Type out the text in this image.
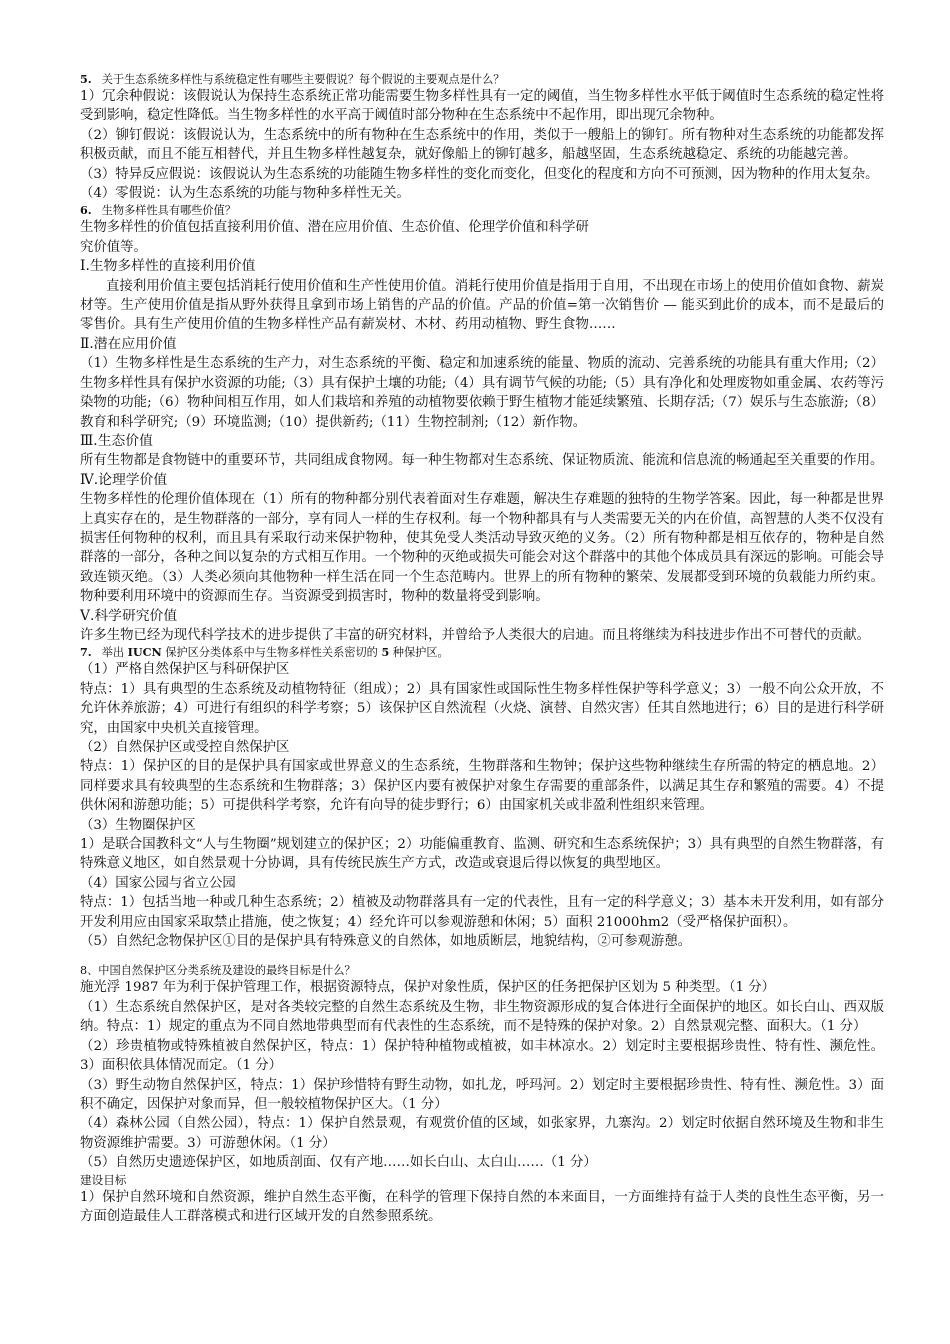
5. 关于生态系统多样性与系统稳定性有哪些主要假说？每个假说的主要观点是什么？

1）冗余种假说：该假说认为保持生态系统正常功能需要生物多样性具有一定的阈值，当生物多样性水平低于阈值时生态系统的稳定性将受到影响，稳定性降低。当生物多样性的水平高于阈值时部分物种在生态系统中不起作用，即出现冗余物种。

（2）铆钉假说：该假说认为，生态系统中的所有物种在生态系统中的作用，类似于一艘船上的铆钉。所有物种对生态系统的功能都发挥积极贡献，而且不能互相替代，并且生物多样性越复杂，就好像船上的铆钉越多，船越坚固，生态系统越稳定、系统的功能越完善。

（3）特异反应假说：该假说认为生态系统的功能随生物多样性的变化而变化，但变化的程度和方向不可预测，因为物种的作用太复杂。

（4）零假说：认为生态系统的功能与物种多样性无关。

6. 生物多样性具有哪些价值？

生物多样性的价值包括直接利用价值、潜在应用价值、生态价值、伦理学价值和科学研

究价值等。

Ⅰ.生物多样性的直接利用价值

直接利用价值主要包括消耗行使用价值和生产性使用价值。消耗行使用价值是指用于自用，不出现在市场上的使用价值如食物、薪炭材等。生产使用价值是指从野外获得且拿到市场上销售的产品的价值。产品的价值=第一次销售价 — 能买到此价的成本，而不是最后的零售价。具有生产使用价值的生物多样性产品有薪炭材、木材、药用动植物、野生食物……

Ⅱ.潜在应用价值

（1）生物多样性是生态系统的生产力，对生态系统的平衡、稳定和加速系统的能量、物质的流动、完善系统的功能具有重大作用;（2）生物多样性具有保护水资源的功能;（3）具有保护土壤的功能;（4）具有调节气候的功能;（5）具有净化和处理废物如重金属、农药等污染物的功能;（6）物种间相互作用，如人们栽培和养殖的动植物要依赖于野生植物才能延续繁殖、长期存活;（7）娱乐与生态旅游;（8）教育和科学研究;（9）环境监测;（10）提供新药;（11）生物控制剂;（12）新作物。

Ⅲ.生态价值

所有生物都是食物链中的重要环节，共同组成食物网。每一种生物都对生态系统、保证物质流、能流和信息流的畅通起至关重要的作用。

Ⅳ.论理学价值

生物多样性的伦理价值体现在（1）所有的物种都分别代表着面对生存难题，解决生存难题的独特的生物学答案。因此，每一种都是世界上真实存在的，是生物群落的一部分，享有同人一样的生存权利。每一个物种都具有与人类需要无关的内在价值，高智慧的人类不仅没有损害任何物种的权利，而且具有采取行动来保护物种，使其免受人类活动导致灭绝的义务。（2）所有物种都是相互依存的，物种是自然群落的一部分，各种之间以复杂的方式相互作用。一个物种的灭绝或损失可能会对这个群落中的其他个体成员具有深远的影响。可能会导致连锁灭绝。（3）人类必须向其他物种一样生活在同一个生态范畴内。世界上的所有物种的繁荣、发展都受到环境的负载能力所约束。物种要利用环境中的资源而生存。当资源受到损害时，物种的数量将受到影响。

Ⅴ.科学研究价值

许多生物已经为现代科学技术的进步提供了丰富的研究材料，并曾给予人类很大的启迪。而且将继续为科技进步作出不可替代的贡献。

7. 举出 IUCN 保护区分类体系中与生物多样性关系密切的 5 种保护区。

（1）严格自然保护区与科研保护区

特点：1）具有典型的生态系统及动植物特征（组成）；2）具有国家性或国际性生物多样性保护等科学意义；3）一般不向公众开放，不允许休养旅游；4）可进行有组织的科学考察；5）该保护区自然流程（火烧、演替、自然灾害）任其自然地进行；6）目的是进行科学研究，由国家中央机关直接管理。

（2）自然保护区或受控自然保护区

特点：1）保护区的目的是保护具有国家或世界意义的生态系统，生物群落和生物钟；保护这些物种继续生存所需的特定的栖息地。2）同样要求具有较典型的生态系统和生物群落；3）保护区内要有被保护对象生存需要的重部条件，以满足其生存和繁殖的需要。4）不提供休闲和游憩功能；5）可提供科学考察，允许有向导的徒步野行；6）由国家机关或非盈利性组织来管理。

（3）生物圈保护区

1）是联合国教科文“人与生物圈”规划建立的保护区；2）功能偏重教育、监测、研究和生态系统保护；3）具有典型的自然生物群落，有特殊意义地区，如自然景观十分协调，具有传统民族生产方式，改造或衰退后得以恢复的典型地区。

（4）国家公园与省立公园

特点：1）包括当地一种或几种生态系统；2）植被及动物群落具有一定的代表性，且有一定的科学意义；3）基本未开发利用，如有部分开发利用应由国家采取禁止措施，使之恢复；4）经允许可以参观游憩和休闲；5）面积 21000hm2（受严格保护面积）。

（5）自然纪念物保护区①目的是保护具有特殊意义的自然体，如地质断层，地貌结构，②可参观游憩。

8、中国自然保护区分类系统及建设的最终目标是什么？

施光浮 1987 年为利于保护管理工作，根据资源特点，保护对象性质，保护区的任务把保护区划为 5 种类型。（1 分）

（1）生态系统自然保护区，是对各类较完整的自然生态系统及生物，非生物资源形成的复合体进行全面保护的地区。如长白山、西双版纳。特点：1）规定的重点为不同自然地带典型而有代表性的生态系统，而不是特殊的保护对象。2）自然景观完整、面积大。（1 分）

（2）珍贵植物或特殊植被自然保护区，特点：1）保护特种植物或植被，如丰林凉水。2）划定时主要根据珍贵性、特有性、濒危性。3）面积依具体情况而定。（1 分）

（3）野生动物自然保护区，特点：1）保护珍惜特有野生动物，如扎龙，呼玛河。2）划定时主要根据珍贵性、特有性、濒危性。3）面积不确定，因保护对象而异，但一般较植物保护区大。（1 分）

（4）森林公园（自然公园），特点：1）保护自然景观，有观赏价值的区域，如张家界，九寨沟。2）划定时依据自然环境及生物和非生物资源维护需要。3）可游憩休闲。（1 分）

（5）自然历史遗迹保护区，如地质剖面、仅有产地……如长白山、太白山……（1 分）

建设目标

1）保护自然环境和自然资源，维护自然生态平衡，在科学的管理下保持自然的本来面目，一方面维持有益于人类的良性生态平衡，另一方面创造最佳人工群落模式和进行区域开发的自然参照系统。
